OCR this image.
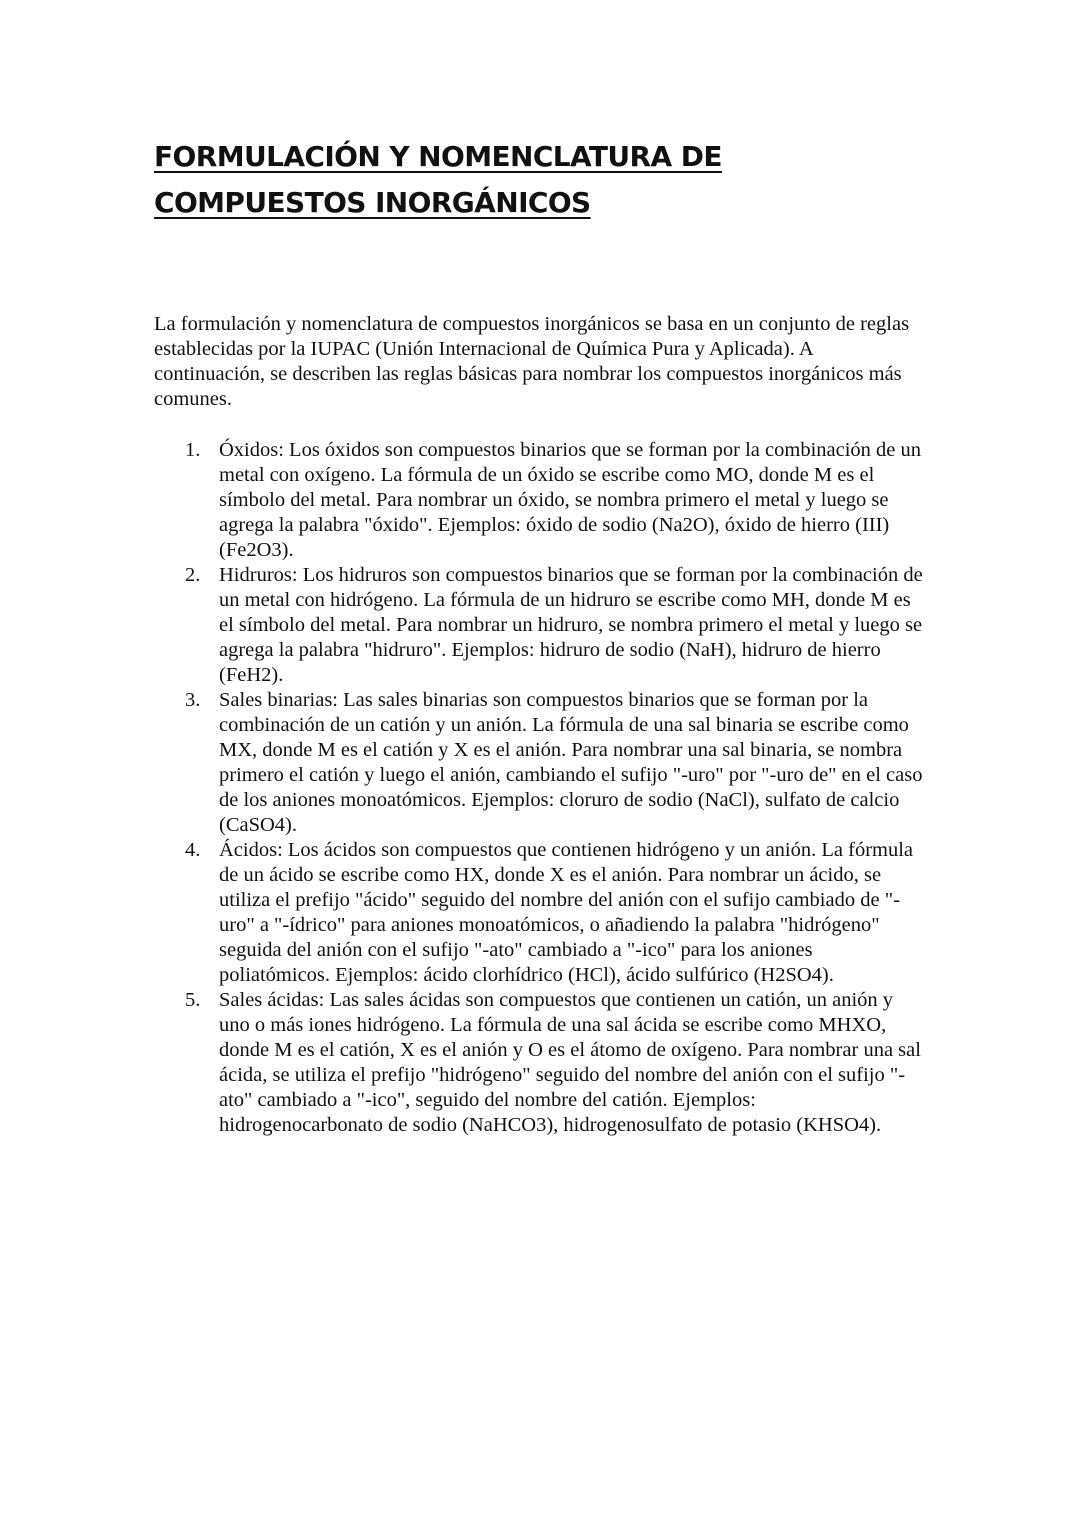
FORMULACIÓN Y NOMENCLATURA DE
COMPUESTOS INORGÁNICOS

La formulación y nomenclatura de compuestos inorgánicos se basa en un conjunto de reglas establecidas por la IUPAC (Unión Internacional de Química Pura y Aplicada). A continuación, se describen las reglas básicas para nombrar los compuestos inorgánicos más comunes.

1. Óxidos: Los óxidos son compuestos binarios que se forman por la combinación de un metal con oxígeno. La fórmula de un óxido se escribe como MO, donde M es el símbolo del metal. Para nombrar un óxido, se nombra primero el metal y luego se agrega la palabra "óxido". Ejemplos: óxido de sodio (Na2O), óxido de hierro (III) (Fe2O3).
2. Hidruros: Los hidruros son compuestos binarios que se forman por la combinación de un metal con hidrógeno. La fórmula de un hidruro se escribe como MH, donde M es el símbolo del metal. Para nombrar un hidruro, se nombra primero el metal y luego se agrega la palabra "hidruro". Ejemplos: hidruro de sodio (NaH), hidruro de hierro (FeH2).
3. Sales binarias: Las sales binarias son compuestos binarios que se forman por la combinación de un catión y un anión. La fórmula de una sal binaria se escribe como MX, donde M es el catión y X es el anión. Para nombrar una sal binaria, se nombra primero el catión y luego el anión, cambiando el sufijo "-uro" por "-uro de" en el caso de los aniones monoatómicos. Ejemplos: cloruro de sodio (NaCl), sulfato de calcio (CaSO4).
4. Ácidos: Los ácidos son compuestos que contienen hidrógeno y un anión. La fórmula de un ácido se escribe como HX, donde X es el anión. Para nombrar un ácido, se utiliza el prefijo "ácido" seguido del nombre del anión con el sufijo cambiado de "-uro" a "-ídrico" para aniones monoatómicos, o añadiendo la palabra "hidrógeno" seguida del anión con el sufijo "-ato" cambiado a "-ico" para los aniones poliatómicos. Ejemplos: ácido clorhídrico (HCl), ácido sulfúrico (H2SO4).
5. Sales ácidas: Las sales ácidas son compuestos que contienen un catión, un anión y uno o más iones hidrógeno. La fórmula de una sal ácida se escribe como MHXO, donde M es el catión, X es el anión y O es el átomo de oxígeno. Para nombrar una sal ácida, se utiliza el prefijo "hidrógeno" seguido del nombre del anión con el sufijo "-ato" cambiado a "-ico", seguido del nombre del catión. Ejemplos: hidrogenocarbonato de sodio (NaHCO3), hidrogenosulfato de potasio (KHSO4).
